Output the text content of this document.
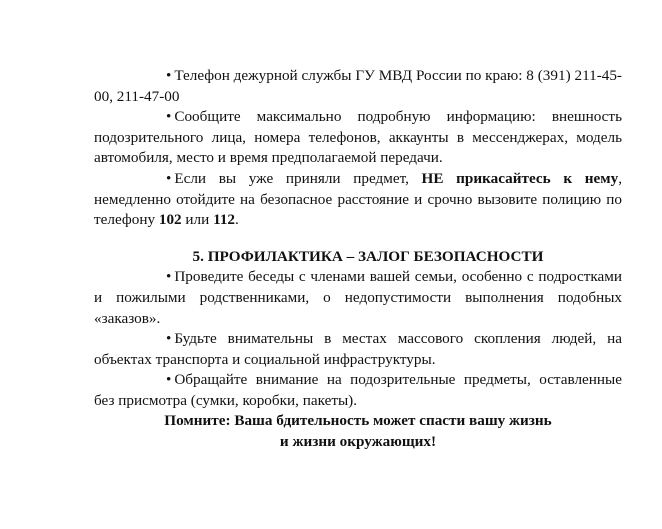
• Телефон дежурной службы ГУ МВД России по краю: 8 (391) 211-45-00, 211-47-00

• Сообщите максимально подробную информацию: внешность подозрительного лица, номера телефонов, аккаунты в мессенджерах, модель автомобиля, место и время предполагаемой передачи.

• Если вы уже приняли предмет, НЕ прикасайтесь к нему, немедленно отойдите на безопасное расстояние и срочно вызовите полицию по телефону 102 или 112.

5. ПРОФИЛАКТИКА – ЗАЛОГ БЕЗОПАСНОСТИ

• Проведите беседы с членами вашей семьи, особенно с подростками и пожилыми родственниками, о недопустимости выполнения подобных «заказов».

• Будьте внимательны в местах массового скопления людей, на объектах транспорта и социальной инфраструктуры.

• Обращайте внимание на подозрительные предметы, оставленные без присмотра (сумки, коробки, пакеты).

Помните: Ваша бдительность может спасти вашу жизнь
и жизни окружающих!
